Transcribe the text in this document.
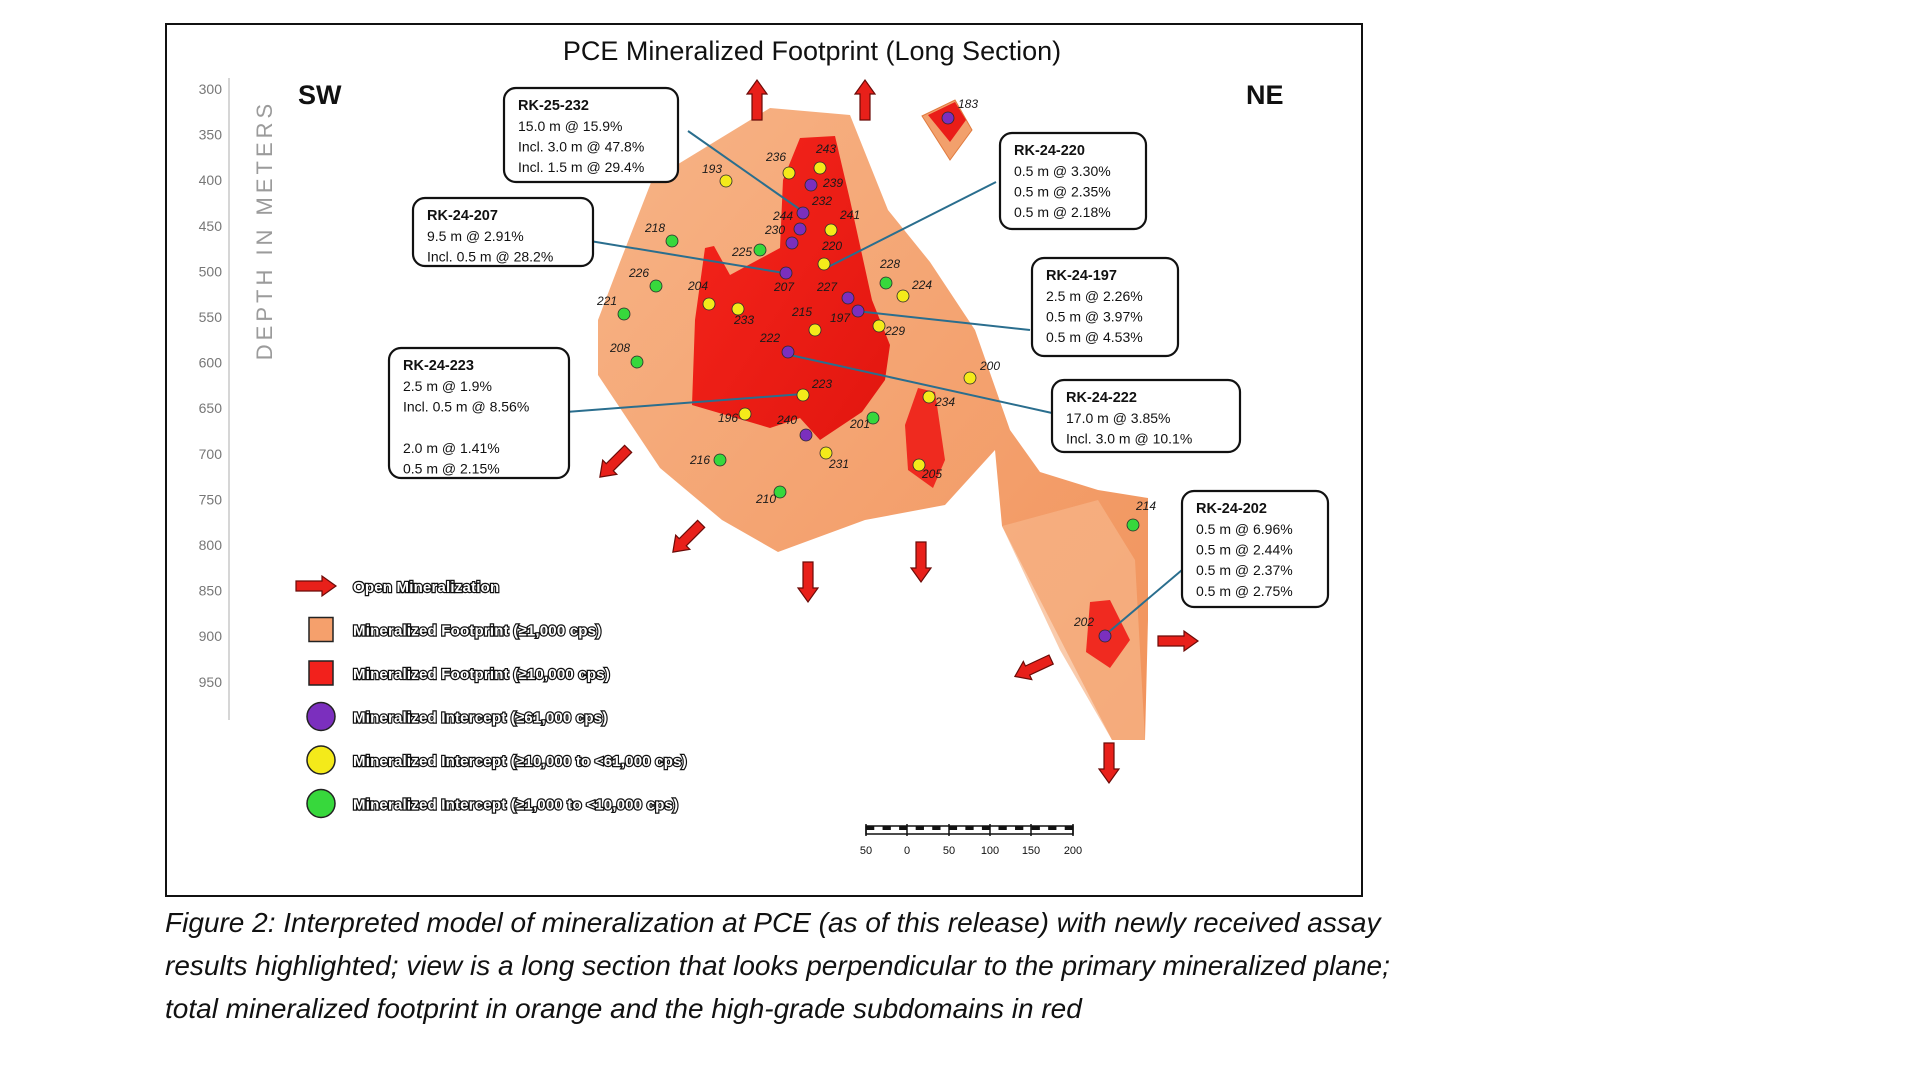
PCE Mineralized Footprint (Long Section)
SW	NE
300
350
400
450
500
550
600
650
700
750
800
850
900
950
DEPTH IN METERS	183
193
236
243
239
232
244	241
230
218
225	220
207
226
228
224
204	227
221
233
215 197
229
222
208
200
223
234
196	201
240
231
216
205
210	214
202
RK-25-232
15.0 m @ 15.9%
Incl. 3.0 m @ 47.8%
Incl. 1.5 m @ 29.4%
RK-24-207
9.5 m @ 2.91%
Incl. 0.5 m @ 28.2%
RK-24-223
2.5 m @ 1.9%
Incl. 0.5 m @ 8.56%
2.0 m @ 1.41%
0.5 m @ 2.15%
RK-24-220
0.5 m @ 3.30%
0.5 m @ 2.35%
0.5 m @ 2.18%
RK-24-197
2.5 m @ 2.26%
0.5 m @ 3.97%
0.5 m @ 4.53%
RK-24-222
17.0 m @ 3.85%
Incl. 3.0 m @ 10.1%
RK-24-202
0.5 m @ 6.96%
0.5 m @ 2.44%
0.5 m @ 2.37%
0.5 m @ 2.75%
Open Mineralization
Mineralized Footprint (≥1,000 cps)
Mineralized Footprint (≥10,000 cps)
Mineralized Intercept (≥61,000 cps)
Mineralized Intercept (≥10,000 to <61,000 cps)
Mineralized Intercept (≥1,000 to <10,000 cps)
50	0	50 100 150 200
Figure 2: Interpreted model of mineralization at PCE (as of this release) with newly received assay results highlighted; view is a long section that looks perpendicular to the primary mineralized plane; total mineralized footprint in orange and the high-grade subdomains in red
